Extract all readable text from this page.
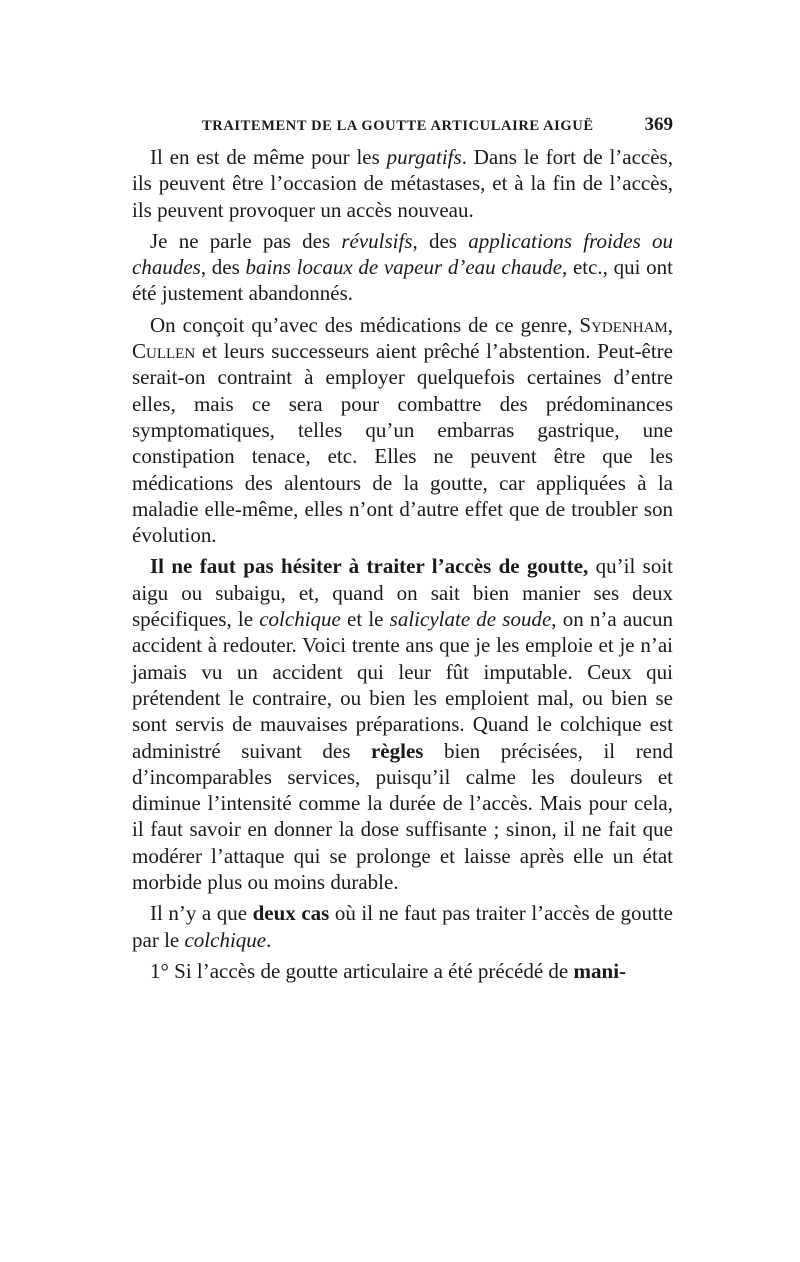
TRAITEMENT DE LA GOUTTE ARTICULAIRE AIGUË	369

Il en est de même pour les purgatifs. Dans le fort de l’accès, ils peuvent être l’occasion de métastases, et à la fin de l’accès, ils peuvent provoquer un accès nouveau.

Je ne parle pas des révulsifs, des applications froides ou chaudes, des bains locaux de vapeur d’eau chaude, etc., qui ont été justement abandonnés.

On conçoit qu’avec des médications de ce genre, Sydenham, Cullen et leurs successeurs aient prêché l’abstention. Peut-être serait-on contraint à employer quelquefois certaines d’entre elles, mais ce sera pour combattre des prédominances symptomatiques, telles qu’un embarras gastrique, une constipation tenace, etc. Elles ne peuvent être que les médications des alentours de la goutte, car appliquées à la maladie elle-même, elles n’ont d’autre effet que de troubler son évolution.

Il ne faut pas hésiter à traiter l’accès de goutte, qu’il soit aigu ou subaigu, et, quand on sait bien manier ses deux spécifiques, le colchique et le salicylate de soude, on n’a aucun accident à redouter. Voici trente ans que je les emploie et je n’ai jamais vu un accident qui leur fût imputable. Ceux qui prétendent le contraire, ou bien les emploient mal, ou bien se sont servis de mauvaises préparations. Quand le colchique est administré suivant des règles bien précisées, il rend d’incomparables services, puisqu’il calme les douleurs et diminue l’intensité comme la durée de l’accès. Mais pour cela, il faut savoir en donner la dose suffisante ; sinon, il ne fait que modérer l’attaque qui se prolonge et laisse après elle un état morbide plus ou moins durable.

Il n’y a que deux cas où il ne faut pas traiter l’accès de goutte par le colchique.

1° Si l’accès de goutte articulaire a été précédé de mani-
